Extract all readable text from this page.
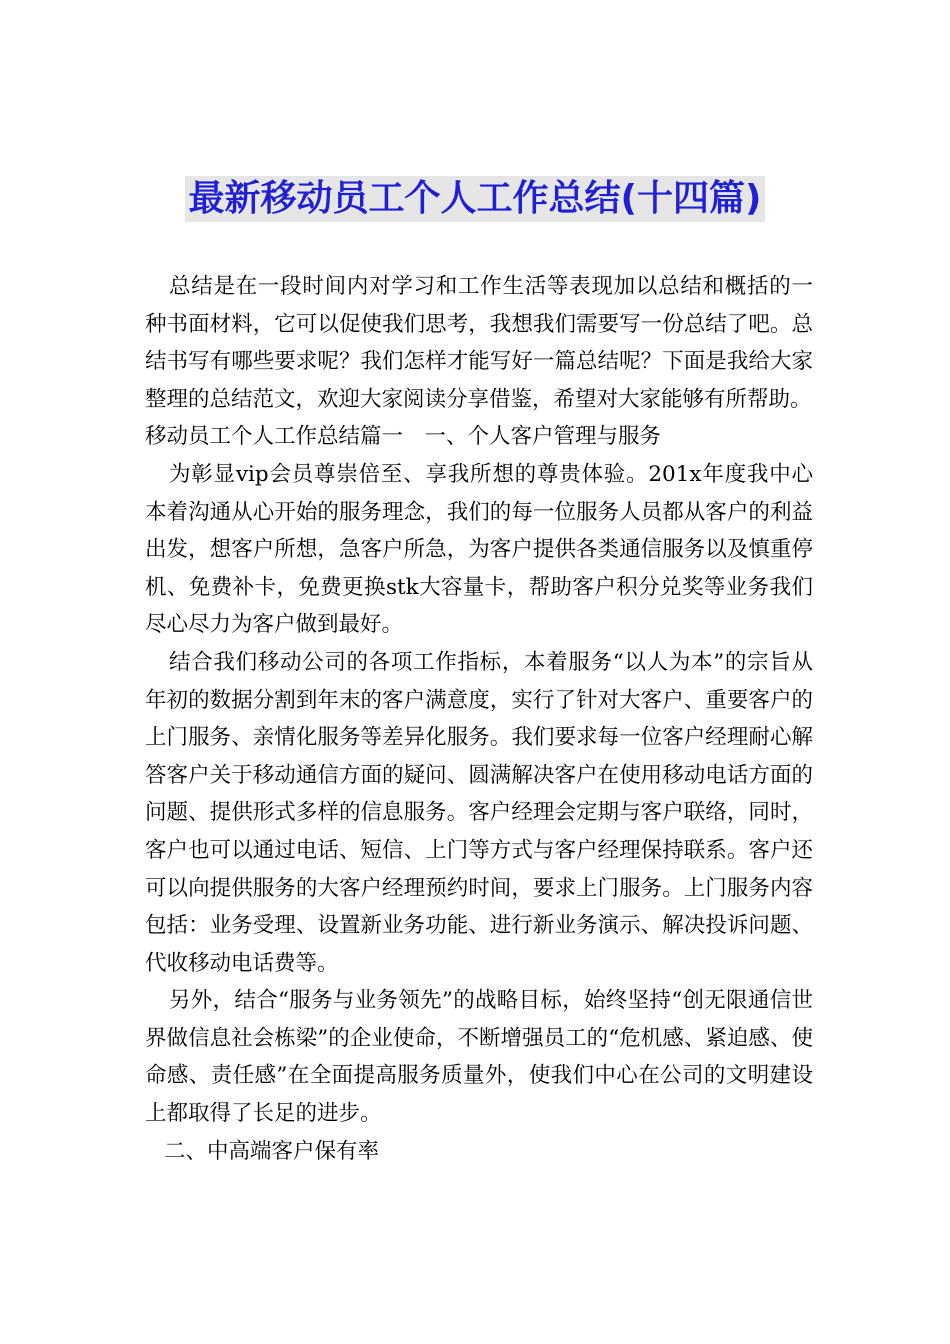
最新移动员工个人工作总结(十四篇)

总结是在一段时间内对学习和工作生活等表现加以总结和概括的一种书面材料，它可以促使我们思考，我想我们需要写一份总结了吧。总结书写有哪些要求呢？我们怎样才能写好一篇总结呢？下面是我给大家整理的总结范文，欢迎大家阅读分享借鉴，希望对大家能够有所帮助。

移动员工个人工作总结篇一　一、个人客户管理与服务

为彰显vip会员尊崇倍至、享我所想的尊贵体验。201x年度我中心本着沟通从心开始的服务理念，我们的每一位服务人员都从客户的利益出发，想客户所想，急客户所急，为客户提供各类通信服务以及慎重停机、免费补卡，免费更换stk大容量卡，帮助客户积分兑奖等业务我们尽心尽力为客户做到最好。

结合我们移动公司的各项工作指标，本着服务“以人为本”的宗旨从年初的数据分割到年末的客户满意度，实行了针对大客户、重要客户的上门服务、亲情化服务等差异化服务。我们要求每一位客户经理耐心解答客户关于移动通信方面的疑问、圆满解决客户在使用移动电话方面的问题、提供形式多样的信息服务。客户经理会定期与客户联络，同时，客户也可以通过电话、短信、上门等方式与客户经理保持联系。客户还可以向提供服务的大客户经理预约时间，要求上门服务。上门服务内容包括：业务受理、设置新业务功能、进行新业务演示、解决投诉问题、代收移动电话费等。

另外，结合“服务与业务领先”的战略目标，始终坚持“创无限通信世界做信息社会栋梁”的企业使命，不断增强员工的“危机感、紧迫感、使命感、责任感”在全面提高服务质量外，使我们中心在公司的文明建设上都取得了长足的进步。

二、中高端客户保有率
